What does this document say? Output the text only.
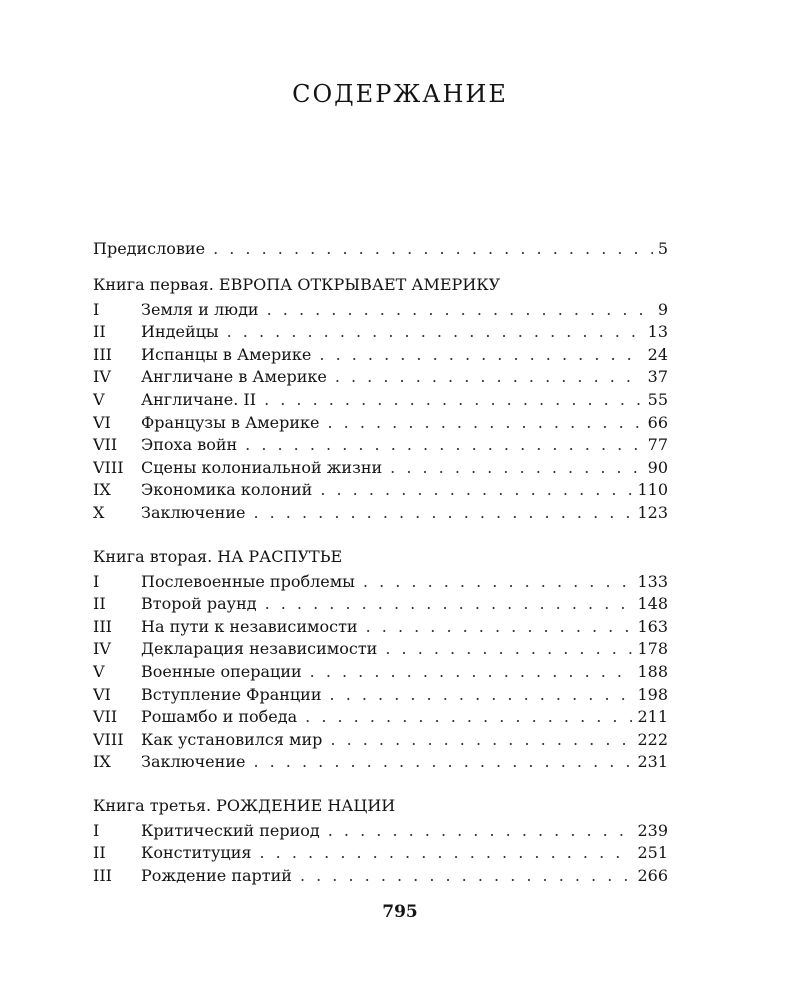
СОДЕРЖАНИЕ
Предисловие . . .	5
Книга первая. ЕВРОПА ОТКРЫВАЕТ АМЕРИКУ
I	Земля и люди . . .	9
II	Индейцы . . .	13
III	Испанцы в Америке . . .	24
IV	Англичане в Америке . . .	37
V	Англичане. II . . .	55
VI	Французы в Америке . . .	66
VII	Эпоха войн . . .	77
VIII	Сцены колониальной жизни . . .	90
IX	Экономика колоний . . .	110
X	Заключение . . .	123
Книга вторая. НА РАСПУТЬЕ
I	Послевоенные проблемы . . .	133
II	Второй раунд . . .	148
III	На пути к независимости . . .	163
IV	Декларация независимости . . .	178
V	Военные операции . . .	188
VI	Вступление Франции . . .	198
VII	Рошамбо и победа . . .	211
VIII	Как установился мир . . .	222
IX	Заключение . . .	231
Книга третья. РОЖДЕНИЕ НАЦИИ
I	Критический период . . .	239
II	Конституция . . .	251
III	Рождение партий . . .	266
795
